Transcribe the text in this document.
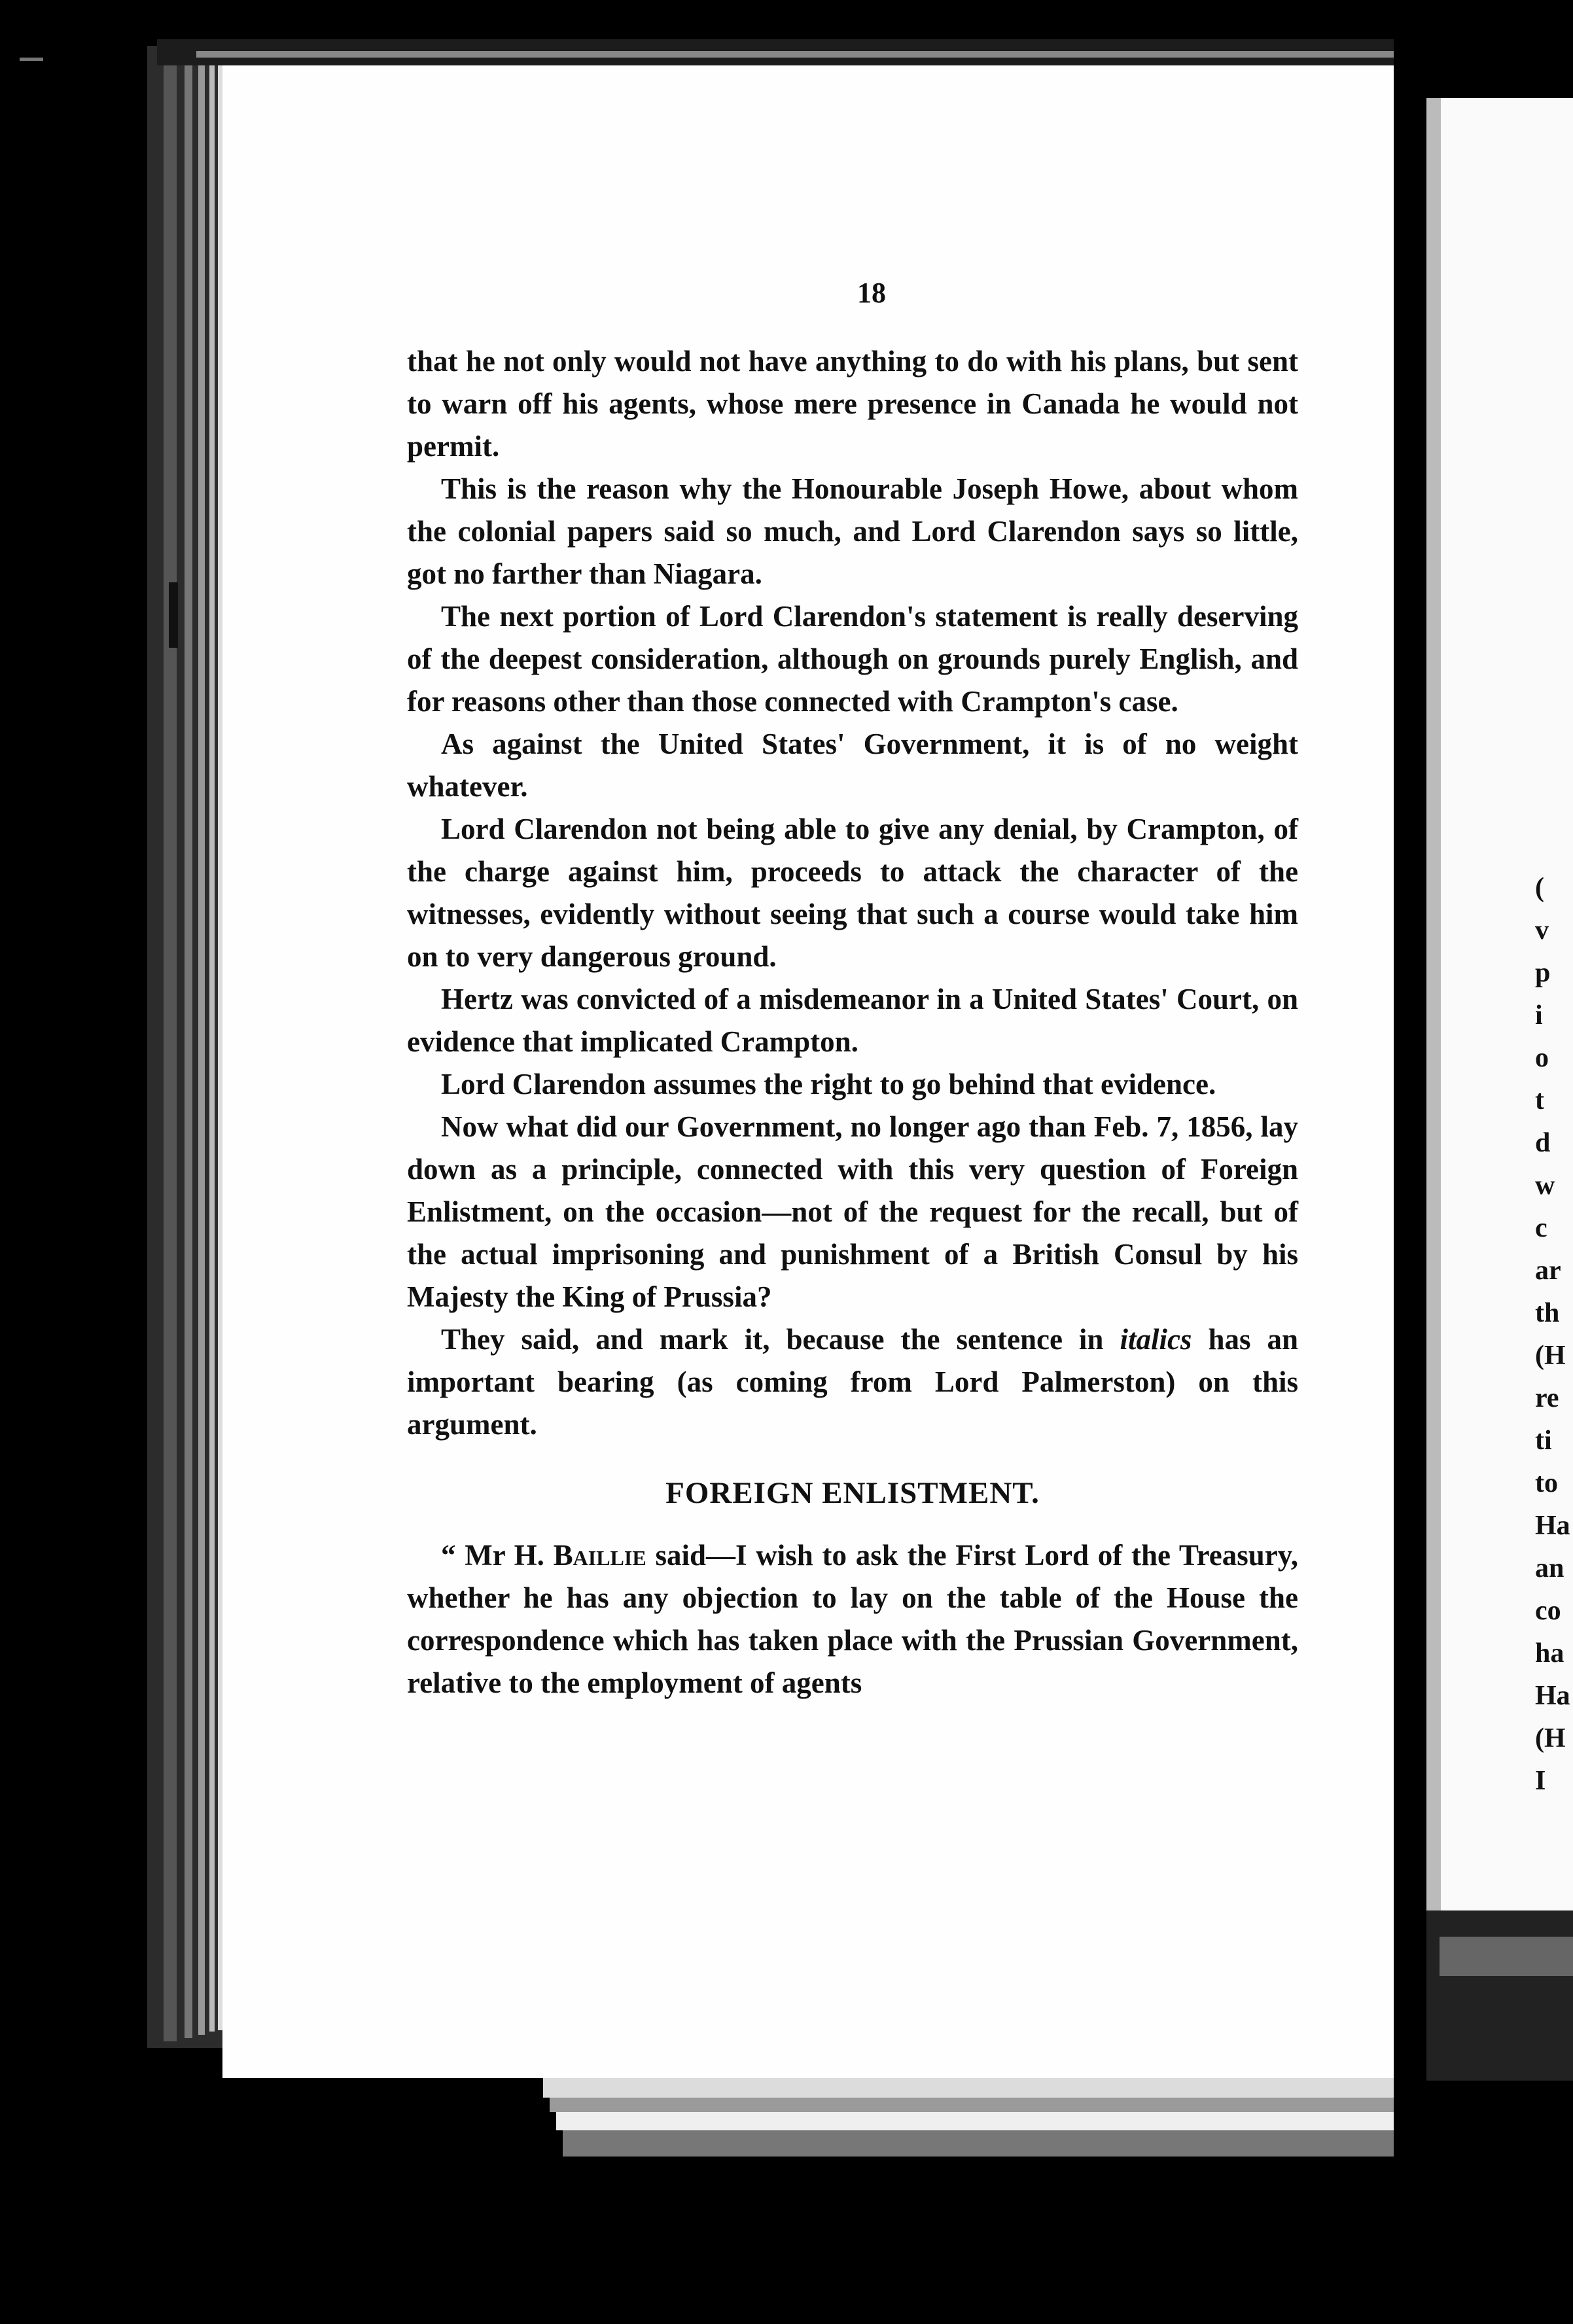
18

that he not only would not have anything to do with his plans, but sent to warn off his agents, whose mere presence in Canada he would not permit.

This is the reason why the Honourable Joseph Howe, about whom the colonial papers said so much, and Lord Clarendon says so little, got no farther than Niagara.

The next portion of Lord Clarendon's statement is really deserving of the deepest consideration, although on grounds purely English, and for reasons other than those connected with Crampton's case.

As against the United States' Government, it is of no weight whatever.

Lord Clarendon not being able to give any denial, by Crampton, of the charge against him, proceeds to attack the character of the witnesses, evidently without seeing that such a course would take him on to very dangerous ground.

Hertz was convicted of a misdemeanor in a United States' Court, on evidence that implicated Crampton.

Lord Clarendon assumes the right to go behind that evidence.

Now what did our Government, no longer ago than Feb. 7, 1856, lay down as a principle, connected with this very question of Foreign Enlistment, on the occasion—not of the request for the recall, but of the actual imprisoning and punishment of a British Consul by his Majesty the King of Prussia?

They said, and mark it, because the sentence in italics has an important bearing (as coming from Lord Palmerston) on this argument.

FOREIGN ENLISTMENT.

“ Mr H. Baillie said—I wish to ask the First Lord of the Treasury, whether he has any objection to lay on the table of the House the correspondence which has taken place with the Prussian Government, relative to the employment of agents

(
v
p
i
o
t
d
w
c
ar
th
(H
re
ti
to
Ha
an
co
ha
Ha
(H
I
